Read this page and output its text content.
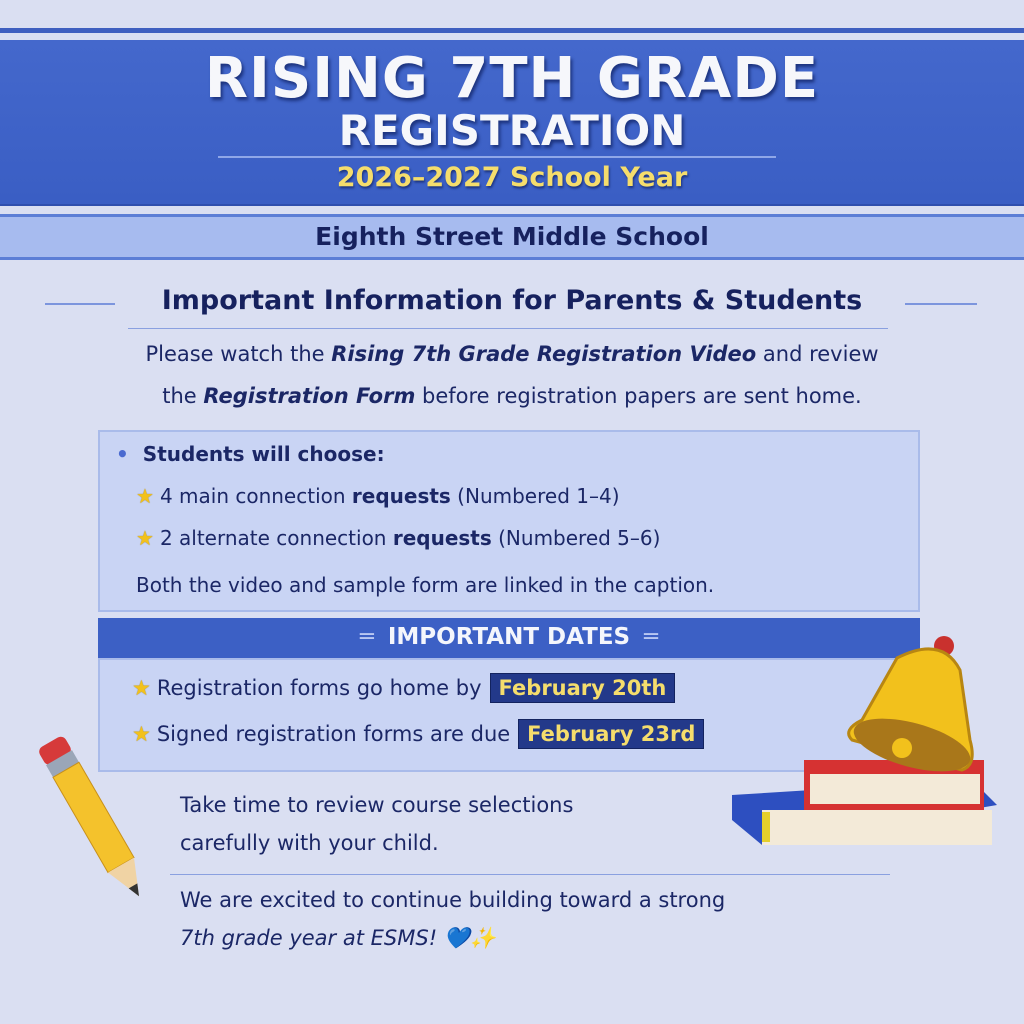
RISING 7TH GRADE
REGISTRATION
2026–2027 School Year
Eighth Street Middle School
Important Information for Parents & Students
Please watch the Rising 7th Grade Registration Video and review
the Registration Form before registration papers are sent home.
• Students will choose:
★ 4 main connection requests (Numbered 1–4)
★ 2 alternate connection requests (Numbered 5–6)
Both the video and sample form are linked in the caption.
═ IMPORTANT DATES ═
★ Registration forms go home by February 20th
★ Signed registration forms are due February 23rd
Take time to review course selections
carefully with your child.
We are excited to continue building toward a strong
7th grade year at ESMS! 💙✨
